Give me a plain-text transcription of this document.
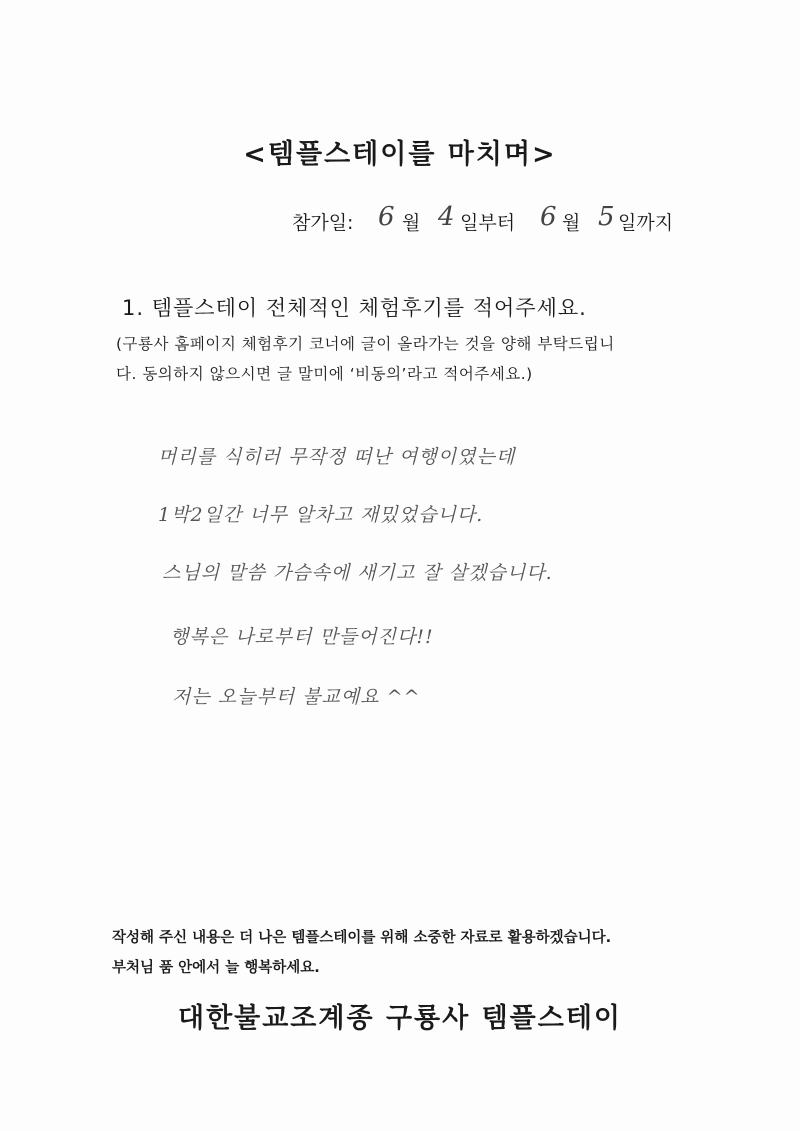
<템플스테이를 마치며>
참가일: 6 월 4 일부터 6 월 5 일까지
1. 템플스테이 전체적인 체험후기를 적어주세요.
(구룡사 홈페이지 체험후기 코너에 글이 올라가는 것을 양해 부탁드립니
다. 동의하지 않으시면 글 말미에 ‘비동의’라고 적어주세요.)
머리를 식히러 무작정 떠난 여행이였는데
1박2일간 너무 알차고 재밌었습니다.
스님의 말씀 가슴속에 새기고 잘 살겠습니다.
행복은 나로부터 만들어진다!!
저는 오늘부터 불교예요 ^^
작성해 주신 내용은 더 나은 템플스테이를 위해 소중한 자료로 활용하겠습니다.
부처님 품 안에서 늘 행복하세요.
대한불교조계종 구룡사 템플스테이
